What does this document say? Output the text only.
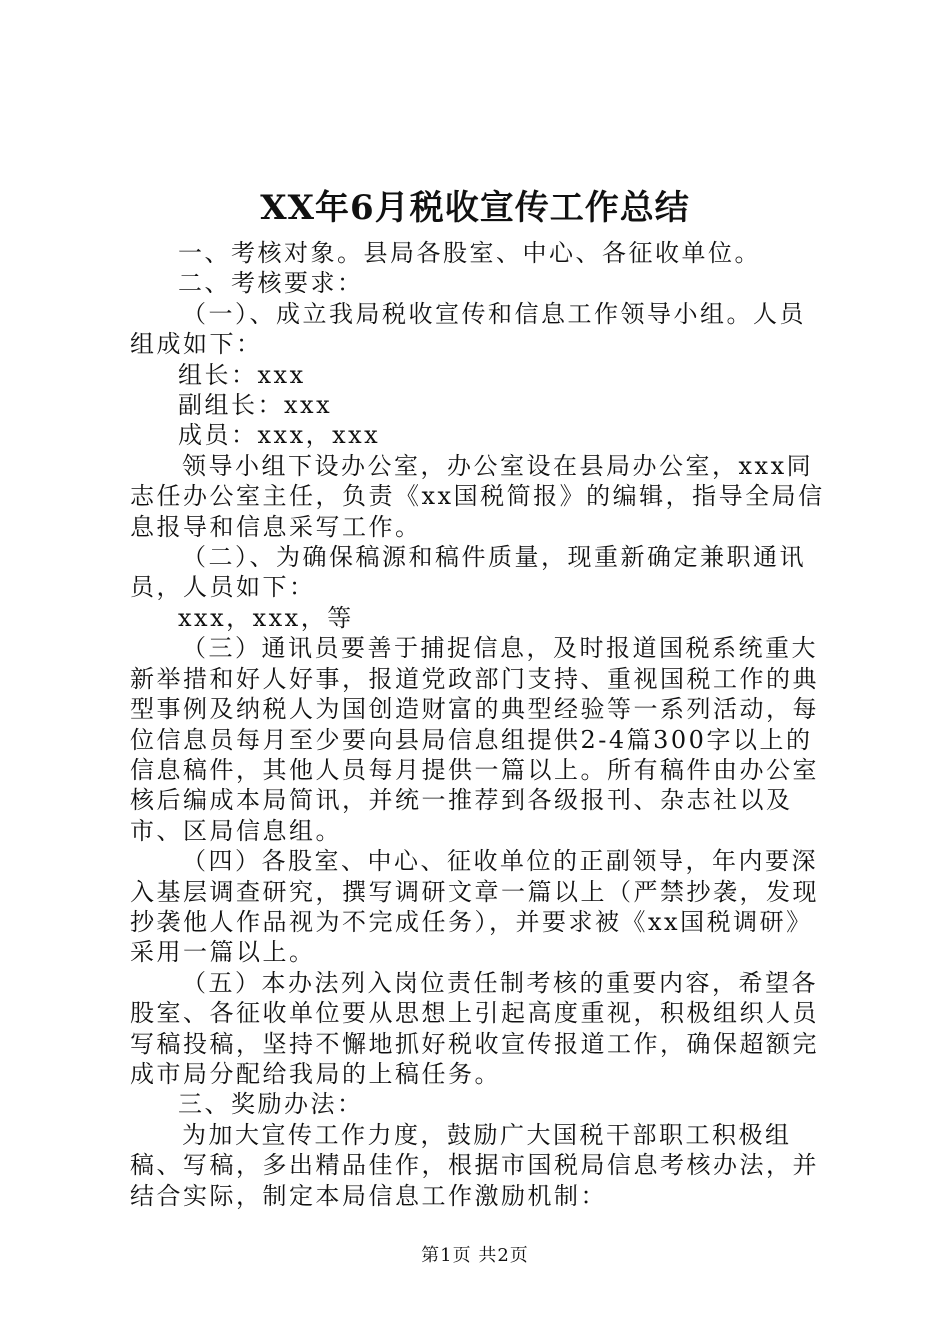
XX年6月税收宣传工作总结

一、考核对象。县局各股室、中心、各征收单位。

二、考核要求：

（一）、成立我局税收宣传和信息工作领导小组。人员组成如下：

组长：xxx

副组长：xxx

成员：xxx，xxx

领导小组下设办公室，办公室设在县局办公室，xxx同志任办公室主任，负责《xx国税简报》的编辑，指导全局信息报导和信息采写工作。

（二）、为确保稿源和稿件质量，现重新确定兼职通讯员，人员如下：

xxx，xxx，等

（三）通讯员要善于捕捉信息，及时报道国税系统重大新举措和好人好事，报道党政部门支持、重视国税工作的典型事例及纳税人为国创造财富的典型经验等一系列活动，每位信息员每月至少要向县局信息组提供2-4篇300字以上的信息稿件，其他人员每月提供一篇以上。所有稿件由办公室核后编成本局简讯，并统一推荐到各级报刊、杂志社以及市、区局信息组。

（四）各股室、中心、征收单位的正副领导，年内要深入基层调查研究，撰写调研文章一篇以上（严禁抄袭，发现抄袭他人作品视为不完成任务），并要求被《xx国税调研》采用一篇以上。

（五）本办法列入岗位责任制考核的重要内容，希望各股室、各征收单位要从思想上引起高度重视，积极组织人员写稿投稿，坚持不懈地抓好税收宣传报道工作，确保超额完成市局分配给我局的上稿任务。

三、奖励办法：

为加大宣传工作力度，鼓励广大国税干部职工积极组稿、写稿，多出精品佳作，根据市国税局信息考核办法，并结合实际，制定本局信息工作激励机制：

第1页 共2页
